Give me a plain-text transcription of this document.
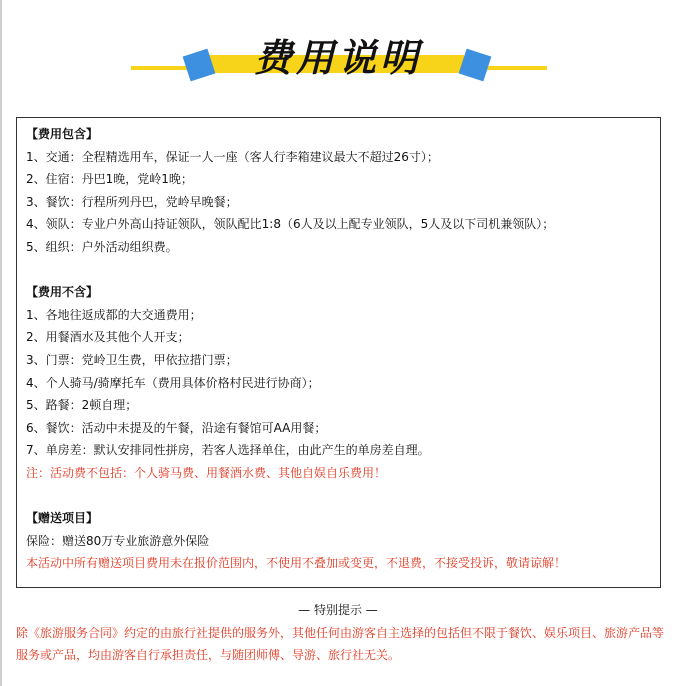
费用说明
【费用包含】
1、交通：全程精选用车，保证一人一座（客人行李箱建议最大不超过26寸）；
2、住宿：丹巴1晚，党岭1晚；
3、餐饮：行程所列丹巴，党岭早晚餐；
4、领队：专业户外高山持证领队，领队配比1:8（6人及以上配专业领队，5人及以下司机兼领队）；
5、组织：户外活动组织费。
【费用不含】
1、各地往返成都的大交通费用；
2、用餐酒水及其他个人开支；
3、门票：党岭卫生费，甲依拉措门票；
4、个人骑马/骑摩托车（费用具体价格村民进行协商）；
5、路餐：2顿自理；
6、餐饮：活动中未提及的午餐，沿途有餐馆可AA用餐；
7、单房差：默认安排同性拼房，若客人选择单住，由此产生的单房差自理。
注：活动费不包括：个人骑马费、用餐酒水费、其他自娱自乐费用！
【赠送项目】
保险：赠送80万专业旅游意外保险
本活动中所有赠送项目费用未在报价范围内，不使用不叠加或变更，不退费，不接受投诉，敬请谅解！
— 特别提示 —
除《旅游服务合同》约定的由旅行社提供的服务外，其他任何由游客自主选择的包括但不限于餐饮、娱乐项目、旅游产品等服务或产品，均由游客自行承担责任，与随团师傅、导游、旅行社无关。
